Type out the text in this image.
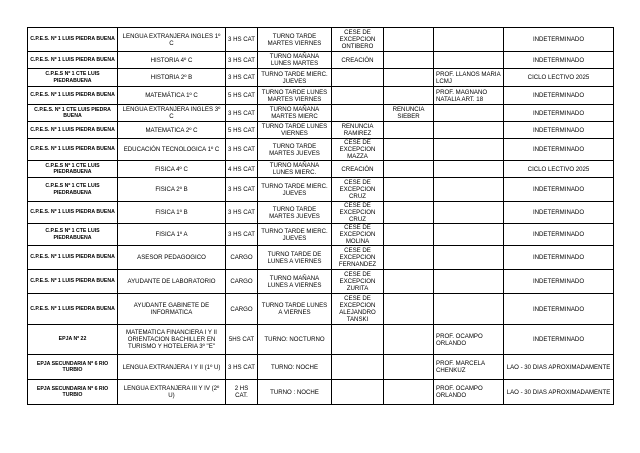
C.P.E.S. Nº 1 LUIS PIEDRA BUENA	LENGUA EXTRANJERA INGLES 1º C	3 HS CAT	TURNO TARDE MARTES VIERNES	CESE DE EXCEPCION ONTIBERO			INDETERMINADO
C.P.E.S. Nº 1 LUIS PIEDRA BUENA	HISTORIA 4º C	3 HS CAT	TURNO MAÑANA LUNES MARTES	CREACIÓN			INDETERMINADO
C.P.E.S Nº 1 CTE LUIS PIEDRABUENA	HISTORIA 2º B	3 HS CAT	TURNO TARDE MIERC. JUEVES			PROF. LLANOS MARIA LCMJ	CICLO LECTIVO 2025
C.P.E.S. Nº 1 LUIS PIEDRA BUENA	MATEMÁTICA 1º C	5 HS CAT	TURNO TARDE LUNES MARTES VIERNES			PROF. MAGNANO NATALIA ART. 18	INDETERMINADO
C.P.E.S. Nº 1 CTE LUIS PIEDRA BUENA	LENGUA EXTRANJERA INGLES 3º C	3 HS CAT	TURNO MAÑANA MARTES MIERC		RENUNCIA SIEBER		INDETERMINADO
C.P.E.S. Nº 1 LUIS PIEDRA BUENA	MATEMATICA 2º C	5 HS CAT	TURNO TARDE LUNES VIERNES	RENUNCIA RAMIREZ			INDETERMINADO
C.P.E.S. Nº 1 LUIS PIEDRA BUENA	EDUCACIÓN TECNOLOGICA 1º C	3 HS CAT	TURNO TARDE MARTES JUEVES	CESE DE EXCEPCION MAZZA			INDETERMINADO
C.P.E.S Nº 1 CTE LUIS PIEDRABUENA	FISICA 4º C	4 HS CAT	TURNO MAÑANA LUNES MIERC.	CREACIÓN			CICLO LECTIVO 2025
C.P.E.S Nº 1 CTE LUIS PIEDRABUENA	FISICA 2º B	3 HS CAT	TURNO TARDE MIERC. JUEVES	CESE DE EXCEPCION CRUZ			INDETERMINADO
C.P.E.S. Nº 1 LUIS PIEDRA BUENA	FISICA 1º B	3 HS CAT	TURNO TARDE MARTES JUEVES	CESE DE EXCEPCION CRUZ			INDETERMINADO
C.P.E.S Nº 1 CTE LUIS PIEDRABUENA	FISICA 1º A	3 HS CAT	TURNO TARDE MIERC. JUEVES	CESE DE EXCEPCION MOLINA			INDETERMINADO
C.P.E.S. Nº 1 LUIS PIEDRA BUENA	ASESOR PEDAGOGICO	CARGO	TURNO TARDE DE LUNES A VIERNES	CESE DE EXCEPCION FERNANDEZ			INDETERMINADO
C.P.E.S. Nº 1 LUIS PIEDRA BUENA	AYUDANTE DE LABORATORIO	CARGO	TURNO MAÑANA LUNES A VIERNES	CESE DE EXCEPCION ZURITA			INDETERMINADO
C.P.E.S. Nº 1 LUIS PIEDRA BUENA	AYUDANTE GABINETE DE INFORMATICA	CARGO	TURNO TARDE LUNES A VIERNES	CESE DE EXCEPCION ALEJANDRO TANSKI			INDETERMINADO
EPJA Nº 22	MATEMATICA FINANCIERA I Y II ORIENTACION BACHILLER EN TURISMO Y HOTELERIA 3º "E"	5HS CAT	TURNO: NOCTURNO			PROF. OCAMPO ORLANDO	INDETERMINADO
EPJA SECUNDARIA Nº 6 RIO TURBIO	LENGUA EXTRANJERA I Y II (1º U)	3 HS CAT	TURNO: NOCHE			PROF. MARCELA CHENKUZ	LAO - 30 DIAS APROXIMADAMENTE
EPJA SECUNDARIA Nº 6 RIO TURBIO	LENGUA EXTRANJERA III Y IV (2º U)	2 HS CAT.	TURNO : NOCHE			PROF. OCAMPO ORLANDO	LAO - 30 DIAS APROXIMADAMENTE
